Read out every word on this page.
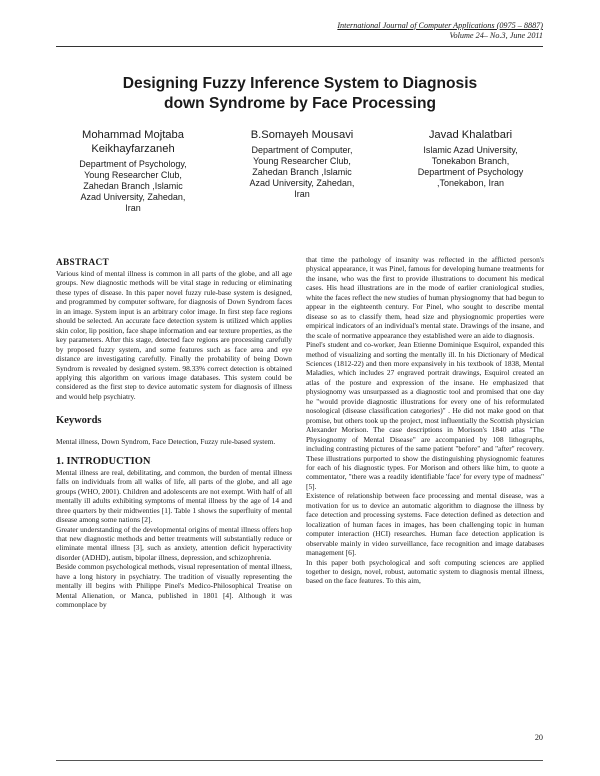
International Journal of Computer Applications (0975 – 8887)
Volume 24– No.3, June 2011
Designing Fuzzy Inference System to Diagnosis
down Syndrome by Face Processing
Mohammad Mojtaba
Keikhayfarzaneh
Department of Psychology,
Young Researcher Club,
Zahedan Branch ,Islamic
Azad University, Zahedan,
Iran
B.Somayeh Mousavi
Department of Computer,
Young Researcher Club,
Zahedan Branch ,Islamic
Azad University, Zahedan,
Iran
Javad Khalatbari
Islamic Azad University,
Tonekabon Branch,
Department of Psychology
,Tonekabon, Iran
ABSTRACT

Various kind of mental illness is common in all parts of the globe, and all age groups. New diagnostic methods will be vital stage in reducing or eliminating these types of disease. In this paper novel fuzzy rule-base system is designed, and programmed by computer software, for diagnosis of Down Syndrom faces in an image. System input is an arbitrary color image. In first step face regions should be selected. An accurate face detection system is utilized which applies skin color, lip position, face shape information and ear texture properties, as the key parameters. After this stage, detected face regions are processing carefully by proposed fuzzy system, and some features such as face area and eye distance are investigating carefully. Finally the probability of being Down Syndrom is revealed by designed system. 98.33% correct detection is obtained applying this algorithm on various image databases. This system could be considered as the first step to device automatic system for diagnosis of illness and would help psychiatry.

Keywords

Mental illness, Down Syndrom, Face Detection, Fuzzy rule-based system.

1. INTRODUCTION

Mental illness are real, debilitating, and common, the burden of mental illness falls on individuals from all walks of life, all parts of the globe, and all age groups (WHO, 2001). Children and adolescents are not exempt. With half of all mentally ill adults exhibiting symptoms of mental illness by the age of 14 and three quarters by their midtwenties [1]. Table 1 shows the superfluity of mental disease among some nations [2].

Greater understanding of the developmental origins of mental illness offers hop that new diagnostic methods and better treatments will substantially reduce or eliminate mental illness [3], such as anxiety, attention deficit hyperactivity disorder (ADHD), autism, bipolar illness, depression, and schizophrenia.

Beside common psychological methods, visual representation of mental illness, have a long history in psychiatry. The tradition of visually representing the mentally ill begins with Philippe Pinel's Medico-Philosophical Treatise on Mental Alienation, or Manca, published in 1801 [4]. Although it was commonplace by

that time the pathology of insanity was reflected in the afflicted person's physical appearance, it was Pinel, famous for developing humane treatments for the insane, who was the first to provide illustrations to document his medical cases. His head illustrations are in the mode of earlier craniological studies, white the faces reflect the new studies of human physiognomy that had begun to appear in the eighteenth century. For Pinel, who sought to describe mental disease so as to classify them, head size and physiognomic properties were empirical indicators of an individual's mental state. Drawings of the insane, and the scale of normative appearance they established were an aide to diagnosis.

Pinel's student and co-worker, Jean Etienne Dominique Esquirol, expanded this method of visualizing and sorting the mentally ill. In his Dictionary of Medical Sciences (1812-22) and then more expansively in his textbook of 1838, Mental Maladies, which includes 27 engraved portrait drawings, Esquirol created an atlas of the posture and expression of the insane. He emphasized that physiognomy was unsurpassed as a diagnostic tool and promised that one day he "would provide diagnostic illustrations for every one of his reformulated nosological (disease classification categories)" . He did not make good on that promise, but others took up the project, most influentially the Scottish physician Alexander Morison. The case descriptions in Morison's 1840 atlas "The Physiognomy of Mental Disease" are accompanied by 108 lithographs, including contrasting pictures of the same patient "before" and "after" recovery. These illustrations purported to show the distinguishing physiognomic features for each of his diagnostic types. For Morison and others like him, to quote a commentator, "there was a readily identifiable 'face' for every type of madness" [5].

Existence of relationship between face processing and mental disease, was a motivation for us to device an automatic algorithm to diagnose the illness by face detection and processing systems. Face detection defined as detection and localization of human faces in images, has been challenging topic in human computer interaction (HCI) researches. Human face detection application is observable mainly in video surveillance, face recognition and image databases management [6].

In this paper both psychological and soft computing sciences are applied together to design, novel, robust, automatic system to diagnosis mental illness, based on the face features. To this aim,

20
